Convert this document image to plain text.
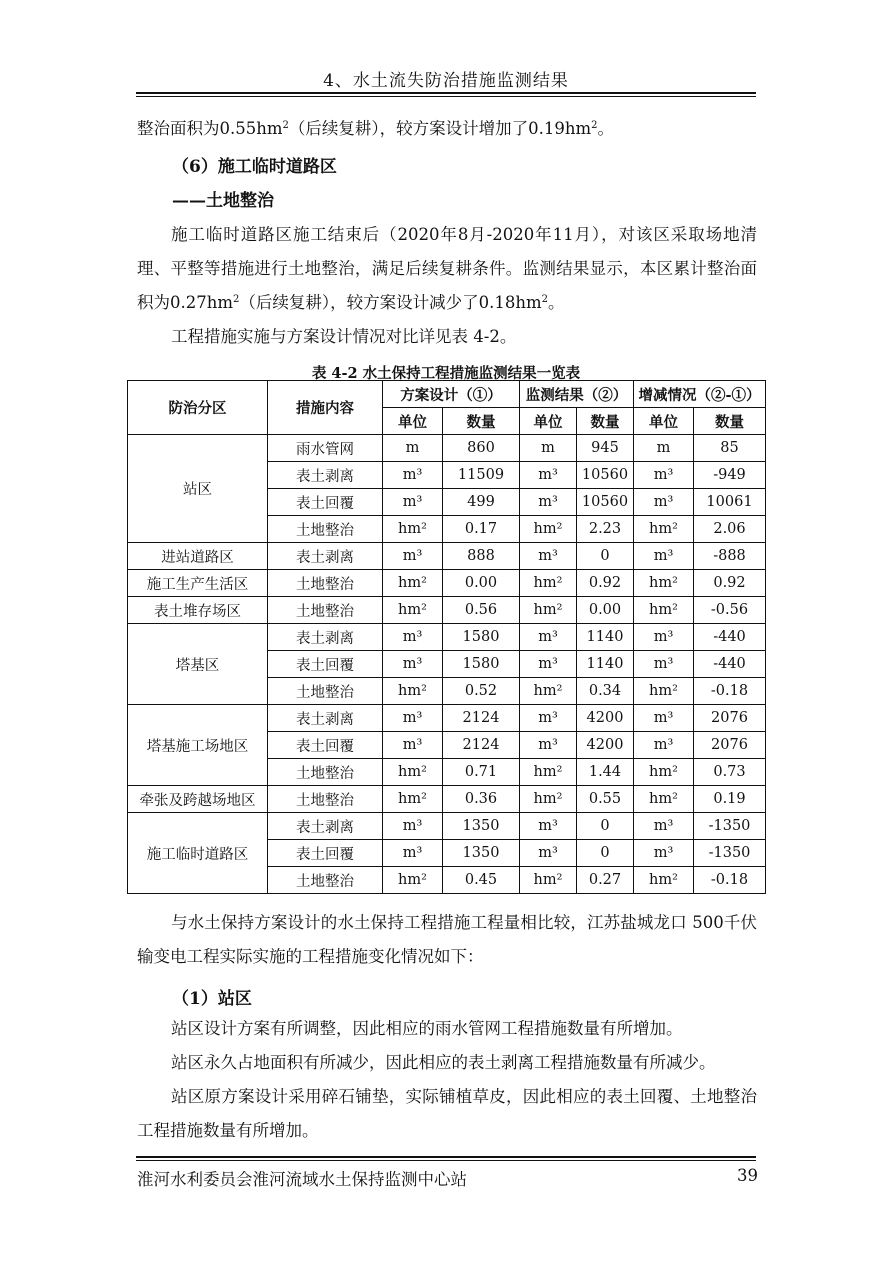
4、水土流失防治措施监测结果

整治面积为$0.55hm^2$（后续复耕），较方案设计增加了$0.19hm^2$。

（6）施工临时道路区

——土地整治

施工临时道路区施工结束后（2020年8月-2020年11月），对该区采取场地清理、平整等措施进行土地整治，满足后续复耕条件。监测结果显示，本区累计整治面积为$0.27hm^2$（后续复耕），较方案设计减少了$0.18hm^2$。

工程措施实施与方案设计情况对比详见表 4-2。

表 4-2 水土保持工程措施监测结果一览表
防治分区	措施内容	方案设计（①）		监测结果（②）		增减情况（②-①）	
		单位	数量	单位	数量	单位	数量
站区	雨水管网	m	860	m	945	m	85
	表土剥离	m³	11509	m³	10560	m³	-949
	表土回覆	m³	499	m³	10560	m³	10061
	土地整治	hm²	0.17	hm²	2.23	hm²	2.06
进站道路区	表土剥离	m³	888	m³	0	m³	-888
施工生产生活区	土地整治	hm²	0.00	hm²	0.92	hm²	0.92
表土堆存场区	土地整治	hm²	0.56	hm²	0.00	hm²	-0.56
塔基区	表土剥离	m³	1580	m³	1140	m³	-440
	表土回覆	m³	1580	m³	1140	m³	-440
	土地整治	hm²	0.52	hm²	0.34	hm²	-0.18
塔基施工场地区	表土剥离	m³	2124	m³	4200	m³	2076
	表土回覆	m³	2124	m³	4200	m³	2076
	土地整治	hm²	0.71	hm²	1.44	hm²	0.73
牵张及跨越场地区	土地整治	hm²	0.36	hm²	0.55	hm²	0.19
施工临时道路区	表土剥离	m³	1350	m³	0	m³	-1350
	表土回覆	m³	1350	m³	0	m³	-1350
	土地整治	hm²	0.45	hm²	0.27	hm²	-0.18

与水土保持方案设计的水土保持工程措施工程量相比较，江苏盐城龙口 500千伏输变电工程实际实施的工程措施变化情况如下：

（1）站区

站区设计方案有所调整，因此相应的雨水管网工程措施数量有所增加。

站区永久占地面积有所减少，因此相应的表土剥离工程措施数量有所减少。

站区原方案设计采用碎石铺垫，实际铺植草皮，因此相应的表土回覆、土地整治工程措施数量有所增加。

淮河水利委员会淮河流域水土保持监测中心站	39
